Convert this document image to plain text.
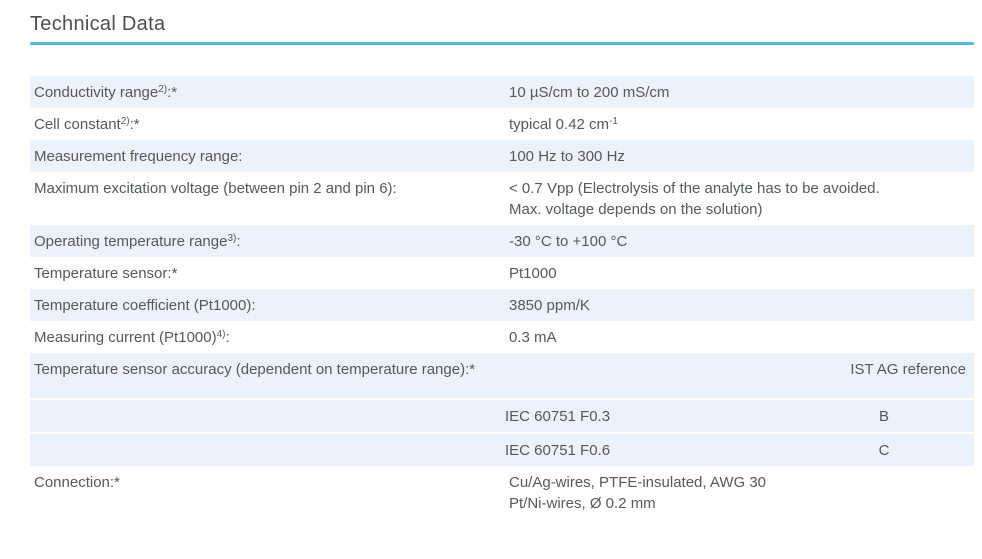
Technical Data
Conductivity range$^{2)}$:*	10 µS/cm to 200 mS/cm
Cell constant$^{2)}$:*	typical 0.42 $cm^{-1}$
Measurement frequency range:	100 Hz to 300 Hz
Maximum excitation voltage (between pin 2 and pin 6):	< 0.7 Vpp (Electrolysis of the analyte has to be avoided.
Max. voltage depends on the solution)
Operating temperature range$^{3)}$:	-30 °C to +100 °C
Temperature sensor:*	Pt1000
Temperature coefficient (Pt1000):	3850 ppm/K
Measuring current $(Pt1000)^{4)}$:	0.3 mA
Temperature sensor accuracy (dependent on temperature range):*	IST AG reference
IEC 60751 F0.3	B
IEC 60751 F0.6	C
Connection:*	Cu/Ag-wires, PTFE-insulated, AWG 30
Pt/Ni-wires, Ø 0.2 mm
